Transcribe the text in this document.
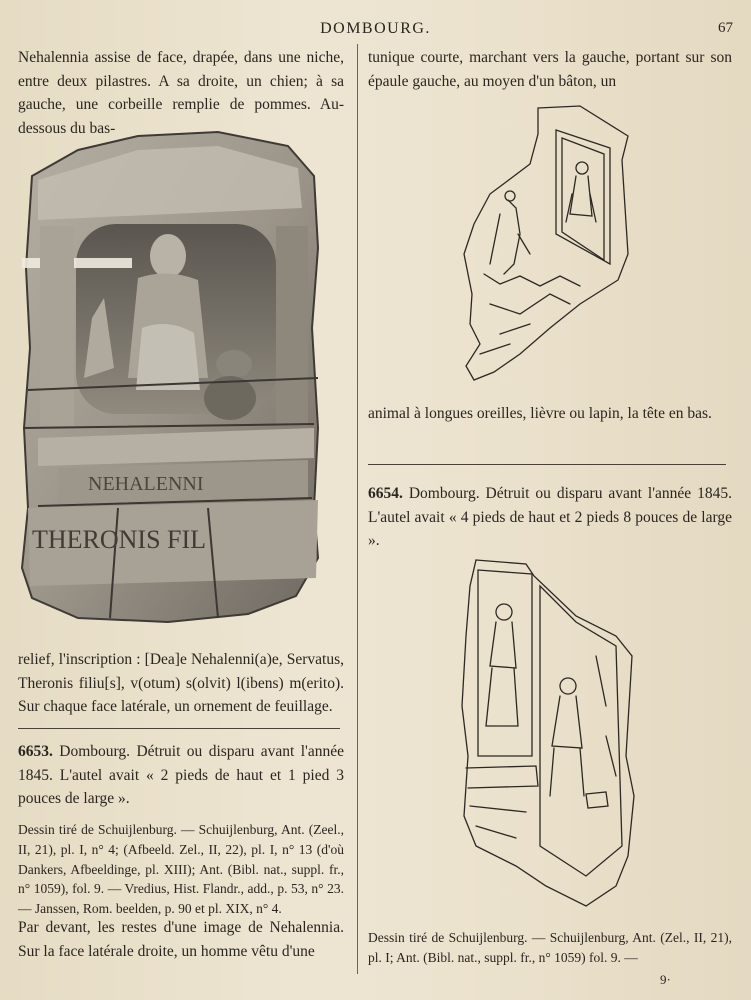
DOMBOURG.	67

Nehalennia assise de face, drapée, dans une niche, entre deux pilastres. A sa droite, un chien; à sa gauche, une corbeille remplie de pommes. Au-dessous du bas-

NEHALENNI
THERONIS FIL

relief, l'inscription : [Dea]e Nehalenni(a)e, Servatus, Theronis filiu[s], v(otum) s(olvit) l(ibens) m(erito). Sur chaque face latérale, un ornement de feuillage.

6653. Dombourg. Détruit ou disparu avant l'année 1845. L'autel avait « 2 pieds de haut et 1 pied 3 pouces de large ».

Dessin tiré de Schuijlenburg. — Schuijlenburg, Ant. (Zeel., II, 21), pl. I, n° 4; (Afbeeld. Zel., II, 22), pl. I, n° 13 (d'où Dankers, Afbeeldinge, pl. XIII); Ant. (Bibl. nat., suppl. fr., n° 1059), fol. 9. — Vredius, Hist. Flandr., add., p. 53, n° 23. — Janssen, Rom. beelden, p. 90 et pl. XIX, n° 4.

Par devant, les restes d'une image de Nehalennia. Sur la face latérale droite, un homme vêtu d'une

tunique courte, marchant vers la gauche, portant sur son épaule gauche, au moyen d'un bâton, un

animal à longues oreilles, lièvre ou lapin, la tête en bas.

6654. Dombourg. Détruit ou disparu avant l'année 1845. L'autel avait « 4 pieds de haut et 2 pieds 8 pouces de large ».

Dessin tiré de Schuijlenburg. — Schuijlenburg, Ant. (Zel., II, 21), pl. I; Ant. (Bibl. nat., suppl. fr., n° 1059) fol. 9. —

9·
